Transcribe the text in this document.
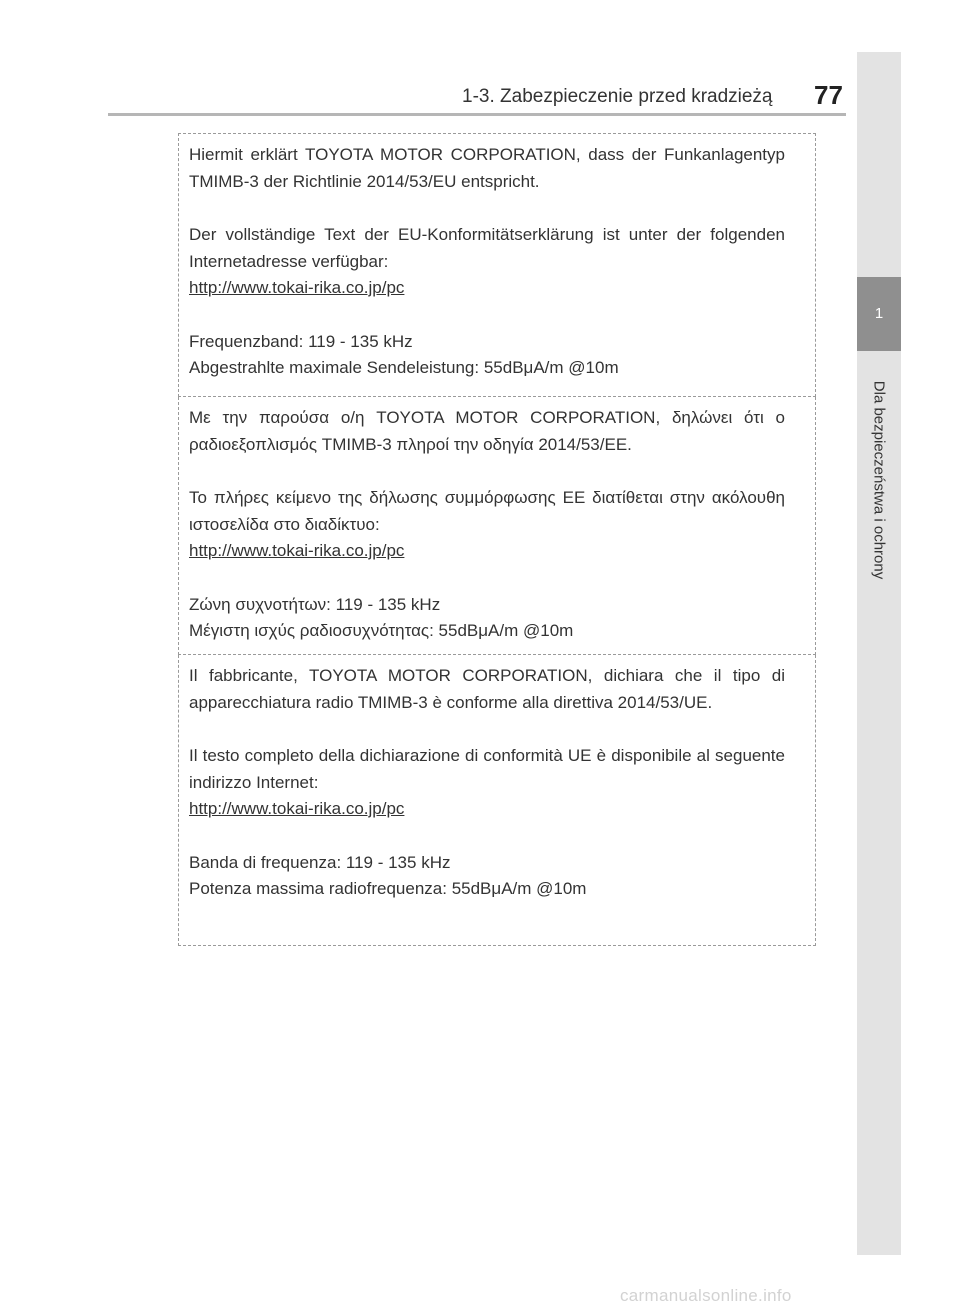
1-3. Zabezpieczenie przed kradzieżą 77
1
Dla bezpieczeństwa i ochrony

Hiermit erklärt TOYOTA MOTOR CORPORATION, dass der Funkanlagentyp TMIMB-3 der Richtlinie 2014/53/EU entspricht.

Der vollständige Text der EU-Konformitätserklärung ist unter der folgenden Internetadresse verfügbar:

http://www.tokai-rika.co.jp/pc

Frequenzband: 119 - 135 kHz

Abgestrahlte maximale Sendeleistung: 55dBμA/m @10m

Με την παρούσα ο/η TOYOTA MOTOR CORPORATION, δηλώνει ότι ο ραδιοεξοπλισμός TMIMB-3 πληροί την οδηγία 2014/53/ΕΕ.

Το πλήρες κείμενο της δήλωσης συμμόρφωσης ΕΕ διατίθεται στην ακόλουθη ιστοσελίδα στο διαδίκτυο:

http://www.tokai-rika.co.jp/pc

Ζώνη συχνοτήτων: 119 - 135 kHz

Μέγιστη ισχύς ραδιοσυχνότητας: 55dBμA/m @10m

Il fabbricante, TOYOTA MOTOR CORPORATION, dichiara che il tipo di apparecchiatura radio TMIMB-3 è conforme alla direttiva 2014/53/UE.

Il testo completo della dichiarazione di conformità UE è disponibile al seguente indirizzo Internet:

http://www.tokai-rika.co.jp/pc

Banda di frequenza: 119 - 135 kHz

Potenza massima radiofrequenza: 55dBμA/m @10m

carmanualsonline.info
